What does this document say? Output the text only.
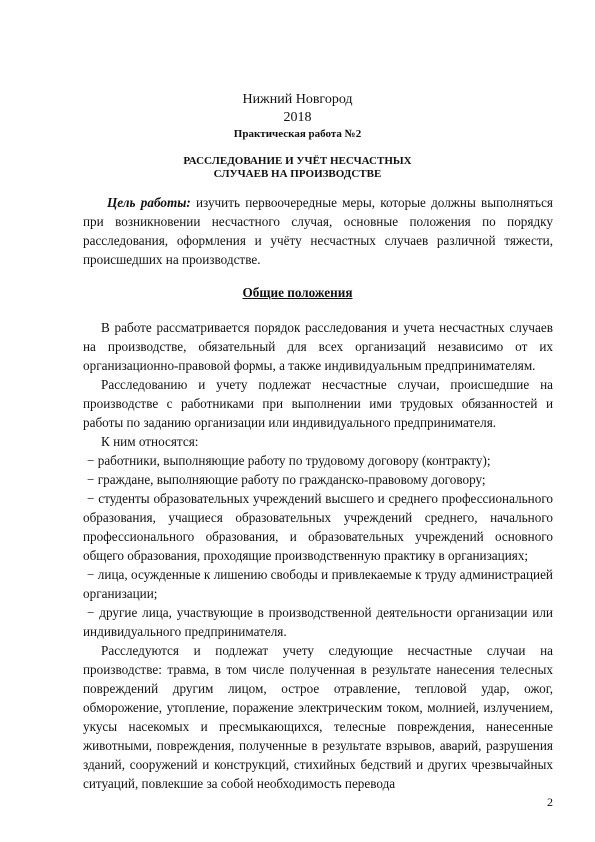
Нижний Новгород
2018
Практическая работа №2
РАССЛЕДОВАНИЕ И УЧЁТ НЕСЧАСТНЫХ
СЛУЧАЕВ НА ПРОИЗВОДСТВЕ
Цель работы: изучить первоочередные меры, которые должны выполняться при возникновении несчастного случая, основные положения по порядку расследования, оформления и учёту несчастных случаев различной тяжести, происшедших на производстве.
Общие положения

В работе рассматривается порядок расследования и учета несчастных случаев на производстве, обязательный для всех организаций независимо от их организационно-правовой формы, а также индивидуальным предпринимателям.

Расследованию и учету подлежат несчастные случаи, происшедшие на производстве с работниками при выполнении ими трудовых обязанностей и работы по заданию организации или индивидуального предпринимателя.

К ним относятся:

− работники, выполняющие работу по трудовому договору (контракту);

− граждане, выполняющие работу по гражданско-правовому договору;

− студенты образовательных учреждений высшего и среднего профессионального образования, учащиеся образовательных учреждений среднего, начального профессионального образования, и образовательных учреждений основного общего образования, проходящие производственную практику в организациях;

− лица, осужденные к лишению свободы и привлекаемые к труду администрацией организации;

− другие лица, участвующие в производственной деятельности организации или индивидуального предпринимателя.

Расследуются и подлежат учету следующие несчастные случаи на производстве: травма, в том числе полученная в результате нанесения телесных повреждений другим лицом, острое отравление, тепловой удар, ожог, обморожение, утопление, поражение электрическим током, молнией, излучением, укусы насекомых и пресмыкающихся, телесные повреждения, нанесенные животными, повреждения, полученные в результате взрывов, аварий, разрушения зданий, сооружений и конструкций, стихийных бедствий и других чрезвычайных ситуаций, повлекшие за собой необходимость перевода

2
